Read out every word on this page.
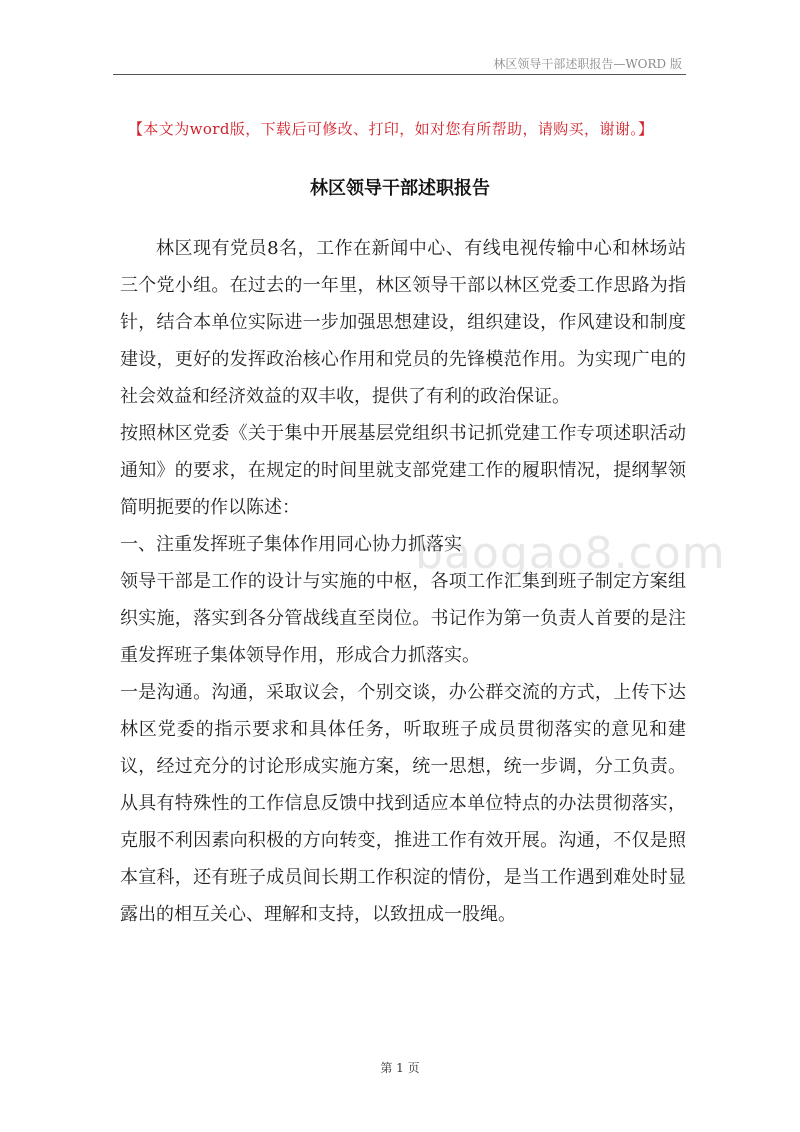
林区领导干部述职报告—WORD 版
【本文为word版，下载后可修改、打印，如对您有所帮助，请购买，谢谢。】
林区领导干部述职报告

林区现有党员8名，工作在新闻中心、有线电视传输中心和林场站三个党小组。在过去的一年里，林区领导干部以林区党委工作思路为指针，结合本单位实际进一步加强思想建设，组织建设，作风建设和制度建设，更好的发挥政治核心作用和党员的先锋模范作用。为实现广电的社会效益和经济效益的双丰收，提供了有利的政治保证。

按照林区党委《关于集中开展基层党组织书记抓党建工作专项述职活动通知》的要求，在规定的时间里就支部党建工作的履职情况，提纲挈领简明扼要的作以陈述：

一、注重发挥班子集体作用同心协力抓落实

领导干部是工作的设计与实施的中枢，各项工作汇集到班子制定方案组织实施，落实到各分管战线直至岗位。书记作为第一负责人首要的是注重发挥班子集体领导作用，形成合力抓落实。

一是沟通。沟通，采取议会，个别交谈，办公群交流的方式，上传下达林区党委的指示要求和具体任务，听取班子成员贯彻落实的意见和建议，经过充分的讨论形成实施方案，统一思想，统一步调，分工负责。从具有特殊性的工作信息反馈中找到适应本单位特点的办法贯彻落实，克服不利因素向积极的方向转变，推进工作有效开展。沟通，不仅是照本宣科，还有班子成员间长期工作积淀的情份，是当工作遇到难处时显露出的相互关心、理解和支持，以致扭成一股绳。

baogao8.com
第 1 页
